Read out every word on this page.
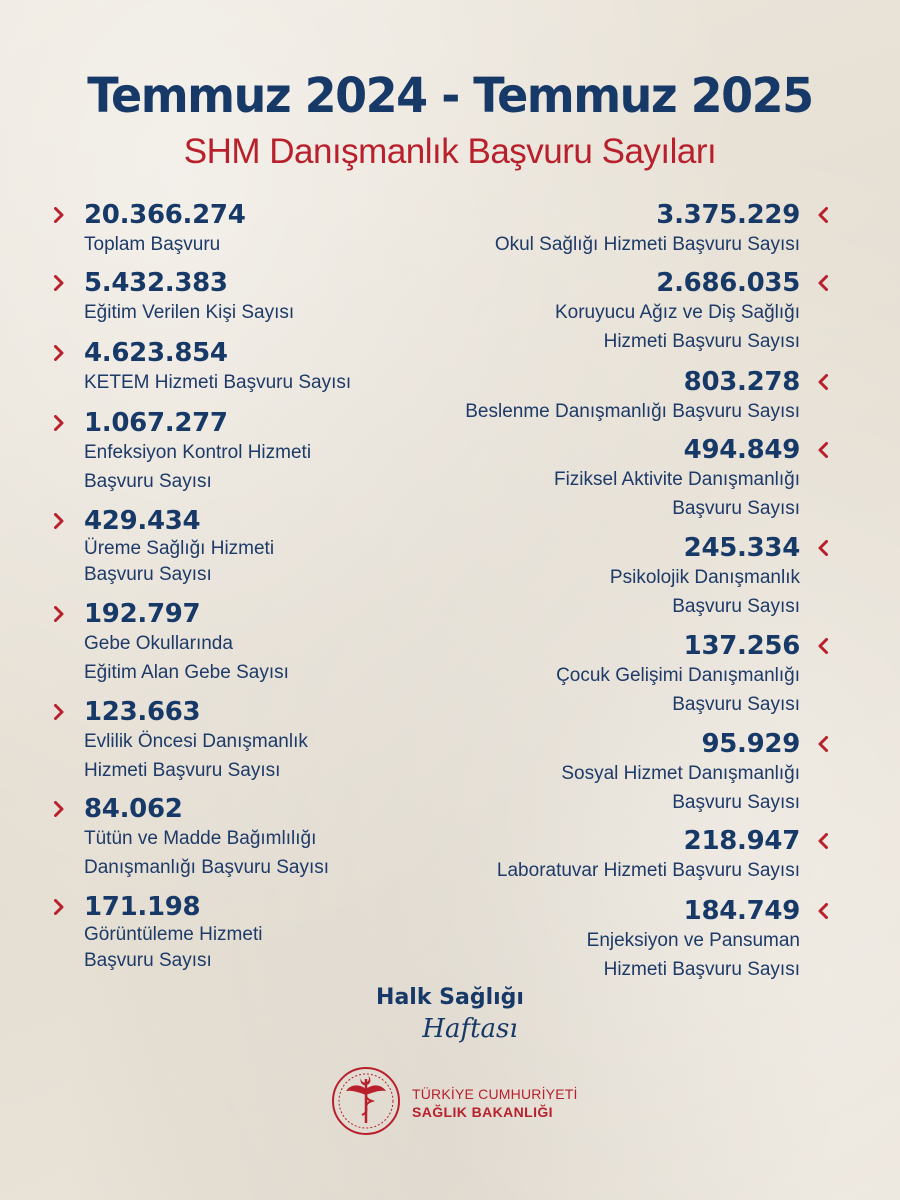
Temmuz 2024 - Temmuz 2025
SHM Danışmanlık Başvuru Sayıları
20.366.274
Toplam Başvuru
5.432.383
Eğitim Verilen Kişi Sayısı
4.623.854
KETEM Hizmeti Başvuru Sayısı
1.067.277
Enfeksiyon Kontrol Hizmeti
Başvuru Sayısı
429.434
Üreme Sağlığı Hizmeti
Başvuru Sayısı
192.797
Gebe Okullarında
Eğitim Alan Gebe Sayısı
123.663
Evlilik Öncesi Danışmanlık
Hizmeti Başvuru Sayısı
84.062
Tütün ve Madde Bağımlılığı
Danışmanlığı Başvuru Sayısı
171.198
Görüntüleme Hizmeti
Başvuru Sayısı
3.375.229
Okul Sağlığı Hizmeti Başvuru Sayısı
2.686.035
Koruyucu Ağız ve Diş Sağlığı
Hizmeti Başvuru Sayısı
803.278
Beslenme Danışmanlığı Başvuru Sayısı
494.849
Fiziksel Aktivite Danışmanlığı
Başvuru Sayısı
245.334
Psikolojik Danışmanlık
Başvuru Sayısı
137.256
Çocuk Gelişimi Danışmanlığı
Başvuru Sayısı
95.929
Sosyal Hizmet Danışmanlığı
Başvuru Sayısı
218.947
Laboratuvar Hizmeti Başvuru Sayısı
184.749
Enjeksiyon ve Pansuman
Hizmeti Başvuru Sayısı
Halk Sağlığı
Haftası
TÜRKİYE CUMHURİYETİ
SAĞLIK BAKANLIĞI
